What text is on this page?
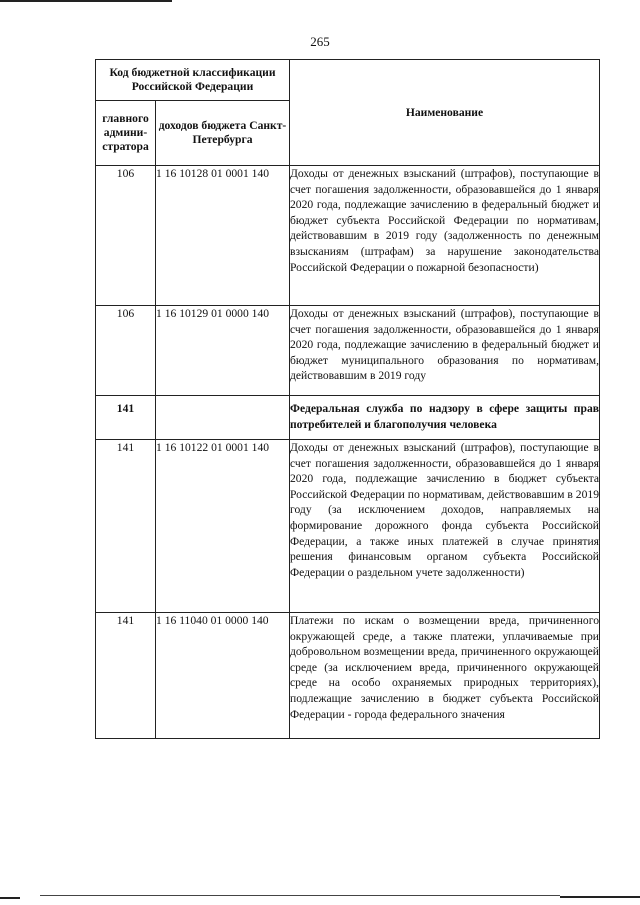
265
Код бюджетной классификации Российской Федерации		Наименование
главного админи-стратора	доходов бюджета Санкт-Петербурга	
106	1 16 10128 01 0001 140	Доходы от денежных взысканий (штрафов), поступающие в счет погашения задолженности, образовавшейся до 1 января 2020 года, подлежащие зачислению в федеральный бюджет и бюджет субъекта Российской Федерации по нормативам, действовавшим в 2019 году (задолженность по денежным взысканиям (штрафам) за нарушение законодательства Российской Федерации о пожарной безопасности)
106	1 16 10129 01 0000 140	Доходы от денежных взысканий (штрафов), поступающие в счет погашения задолженности, образовавшейся до 1 января 2020 года, подлежащие зачислению в федеральный бюджет и бюджет муниципального образования по нормативам, действовавшим в 2019 году
141		Федеральная служба по надзору в сфере защиты прав потребителей и благополучия человека
141	1 16 10122 01 0001 140	Доходы от денежных взысканий (штрафов), поступающие в счет погашения задолженности, образовавшейся до 1 января 2020 года, подлежащие зачислению в бюджет субъекта Российской Федерации по нормативам, действовавшим в 2019 году (за исключением доходов, направляемых на формирование дорожного фонда субъекта Российской Федерации, а также иных платежей в случае принятия решения финансовым органом субъекта Российской Федерации о раздельном учете задолженности)
141	1 16 11040 01 0000 140	Платежи по искам о возмещении вреда, причиненного окружающей среде, а также платежи, уплачиваемые при добровольном возмещении вреда, причиненного окружающей среде (за исключением вреда, причиненного окружающей среде на особо охраняемых природных территориях), подлежащие зачислению в бюджет субъекта Российской Федерации - города федерального значения
